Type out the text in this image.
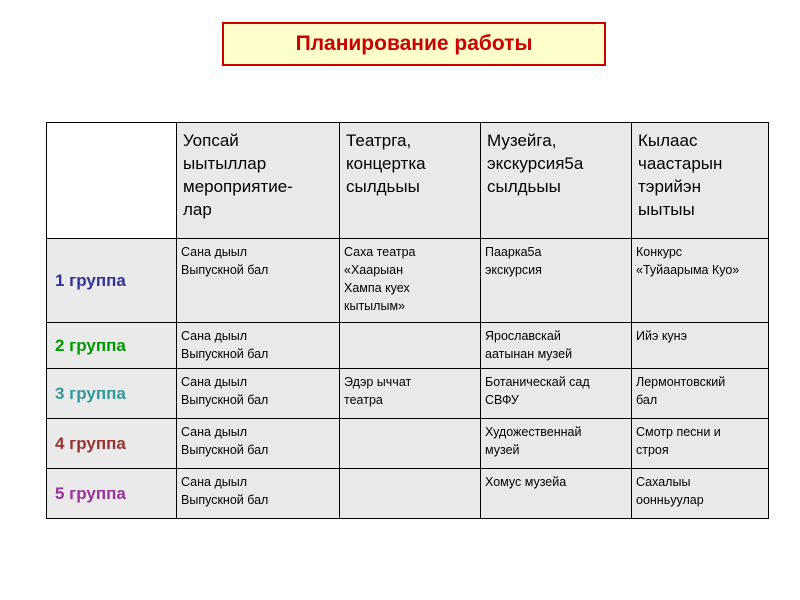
Планирование работы

	Уопсай
ыытыллар
мероприятие-
лар	Театрга,
концертка
сылдьыы	Музейга,
экскурсия5а
сылдьыы	Кылаас
чаастарын
тэрийэн
ыытыы

1 группа	Сана дыыл
Выпускной бал	Саха театра
«Хаарыан
Хампа куех
кытылым»	Паарка5а
экскурсия	Конкурс
«Туйаарыма Куо»

2 группа	Сана дыыл
Выпускной бал		Ярославскай
аатынан музей	Ийэ кунэ

3 группа	Сана дыыл
Выпускной бал	Эдэр ыччат
театра	Ботаническай сад
СВФУ	Лермонтовский
бал

4 группа	Сана дыыл
Выпускной бал		Художественнай
музей	Смотр песни и
строя

5 группа	Сана дыыл
Выпускной бал		Хомус музейа	Сахалыы
оонньуулар
